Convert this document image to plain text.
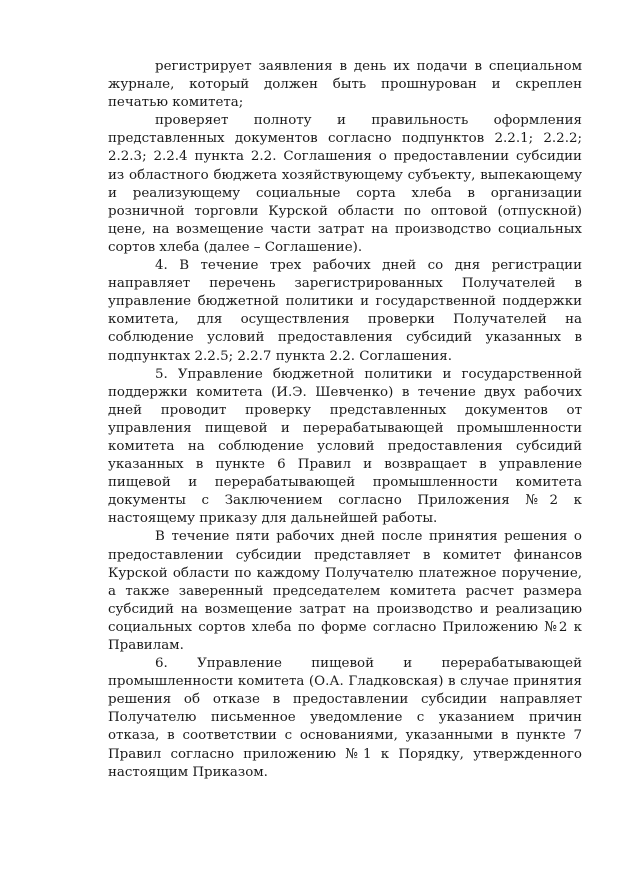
регистрирует заявления в день их подачи в специальном журнале, который должен быть прошнурован и скреплен печатью комитета;

проверяет полноту и правильность оформления представленных документов согласно подпунктов 2.2.1; 2.2.2; 2.2.3; 2.2.4 пункта 2.2. Соглашения о предоставлении субсидии из областного бюджета хозяйствующему субъекту, выпекающему и реализующему социальные сорта хлеба в организации розничной торговли Курской области по оптовой (отпускной) цене, на возмещение части затрат на производство социальных сортов хлеба (далее – Соглашение).

4. В течение трех рабочих дней со дня регистрации направляет перечень зарегистрированных Получателей в управление бюджетной политики и государственной поддержки комитета, для осуществления проверки Получателей на соблюдение условий предоставления субсидий указанных в подпунктах 2.2.5; 2.2.7 пункта 2.2. Соглашения.

5. Управление бюджетной политики и государственной поддержки комитета (И.Э. Шевченко) в течение двух рабочих дней проводит проверку представленных документов от управления пищевой и перерабатывающей промышленности комитета на соблюдение условий предоставления субсидий указанных в пункте 6 Правил и возвращает в управление пищевой и перерабатывающей промышленности комитета документы с Заключением согласно Приложения №2 к настоящему приказу для дальнейшей работы.

В течение пяти рабочих дней после принятия решения о предоставлении субсидии представляет в комитет финансов Курской области по каждому Получателю платежное поручение, а также заверенный председателем комитета расчет размера субсидий на возмещение затрат на производство и реализацию социальных сортов хлеба по форме согласно Приложению №2 к Правилам.

6. Управление пищевой и перерабатывающей промышленности комитета (О.А. Гладковская) в случае принятия решения об отказе в предоставлении субсидии направляет Получателю письменное уведомление с указанием причин отказа, в соответствии с основаниями, указанными в пункте 7 Правил согласно приложению №1 к Порядку, утвержденного настоящим Приказом.
